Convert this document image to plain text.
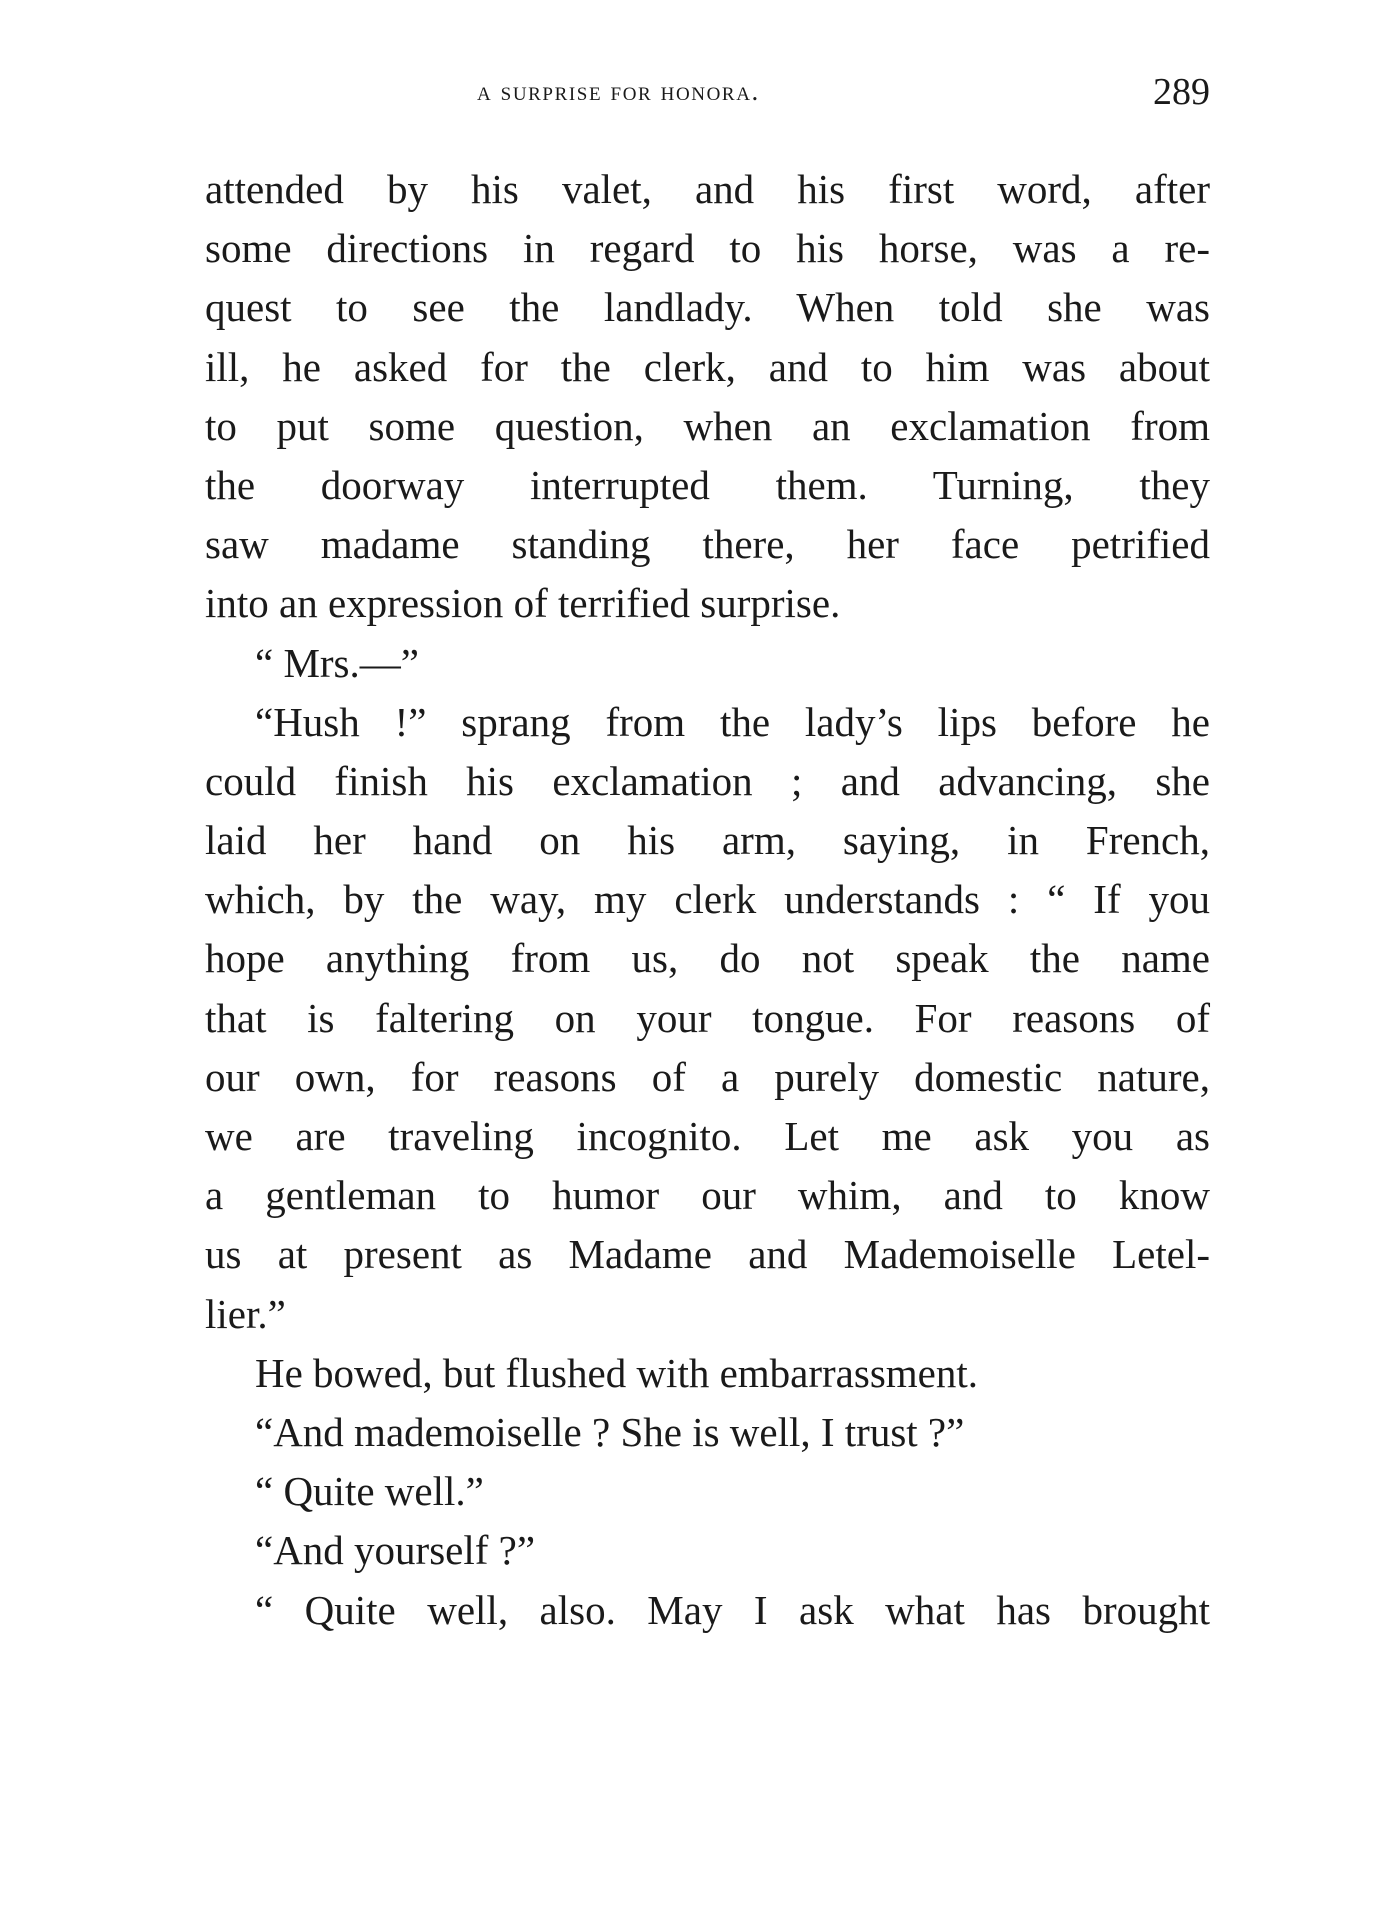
a surprise for honora.	289
attended by his valet, and his first word, after
some directions in regard to his horse, was a re-
quest to see the landlady. When told she was
ill, he asked for the clerk, and to him was about
to put some question, when an exclamation from
the doorway interrupted them. Turning, they
saw madame standing there, her face petrified
into an expression of terrified surprise.
“ Mrs.—”
“Hush !” sprang from the lady’s lips before he
could finish his exclamation ; and advancing, she
laid her hand on his arm, saying, in French,
which, by the way, my clerk understands : “ If you
hope anything from us, do not speak the name
that is faltering on your tongue. For reasons of
our own, for reasons of a purely domestic nature,
we are traveling incognito. Let me ask you as
a gentleman to humor our whim, and to know
us at present as Madame and Mademoiselle Letel-
lier.”
He bowed, but flushed with embarrassment.
“And mademoiselle ? She is well, I trust ?”
“ Quite well.”
“And yourself ?”
“ Quite well, also. May I ask what has brought
